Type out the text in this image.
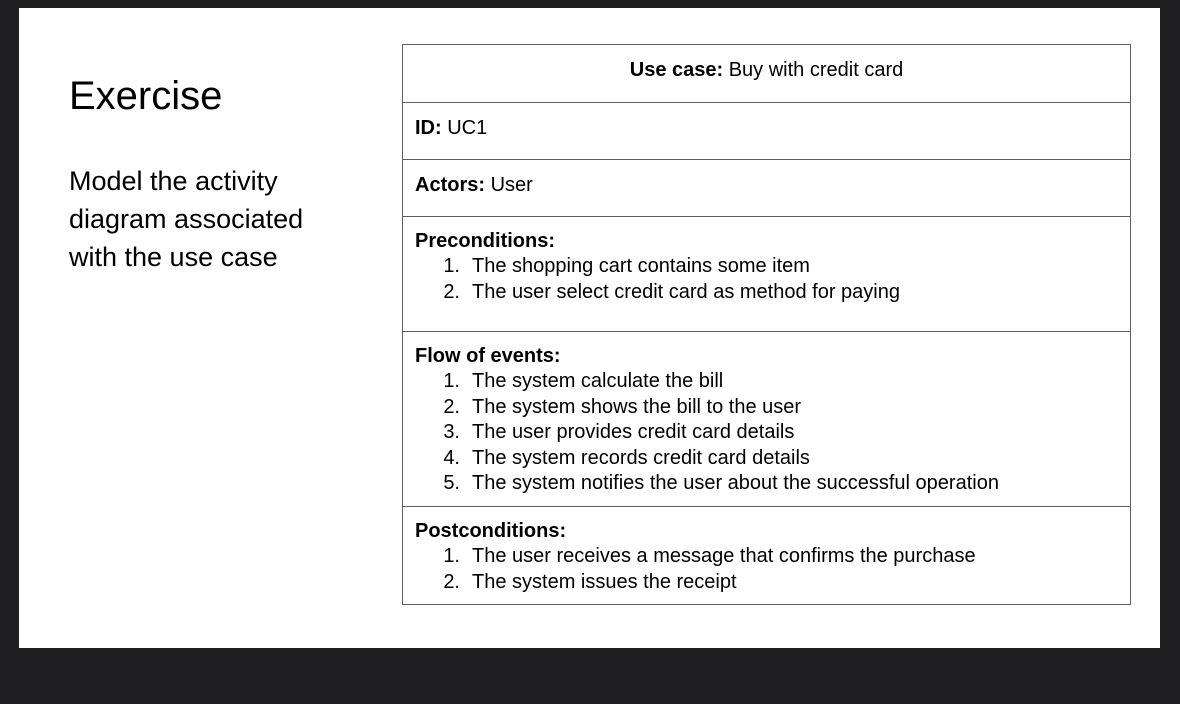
Exercise

Model the activity diagram associated with the use case

Use case: Buy with credit card
ID: UC1
Actors: User
Preconditions:
1. The shopping cart contains some item
2. The user select credit card as method for paying
Flow of events:
1. The system calculate the bill
2. The system shows the bill to the user
3. The user provides credit card details
4. The system records credit card details
5. The system notifies the user about the successful operation
Postconditions:
1. The user receives a message that confirms the purchase
2. The system issues the receipt
